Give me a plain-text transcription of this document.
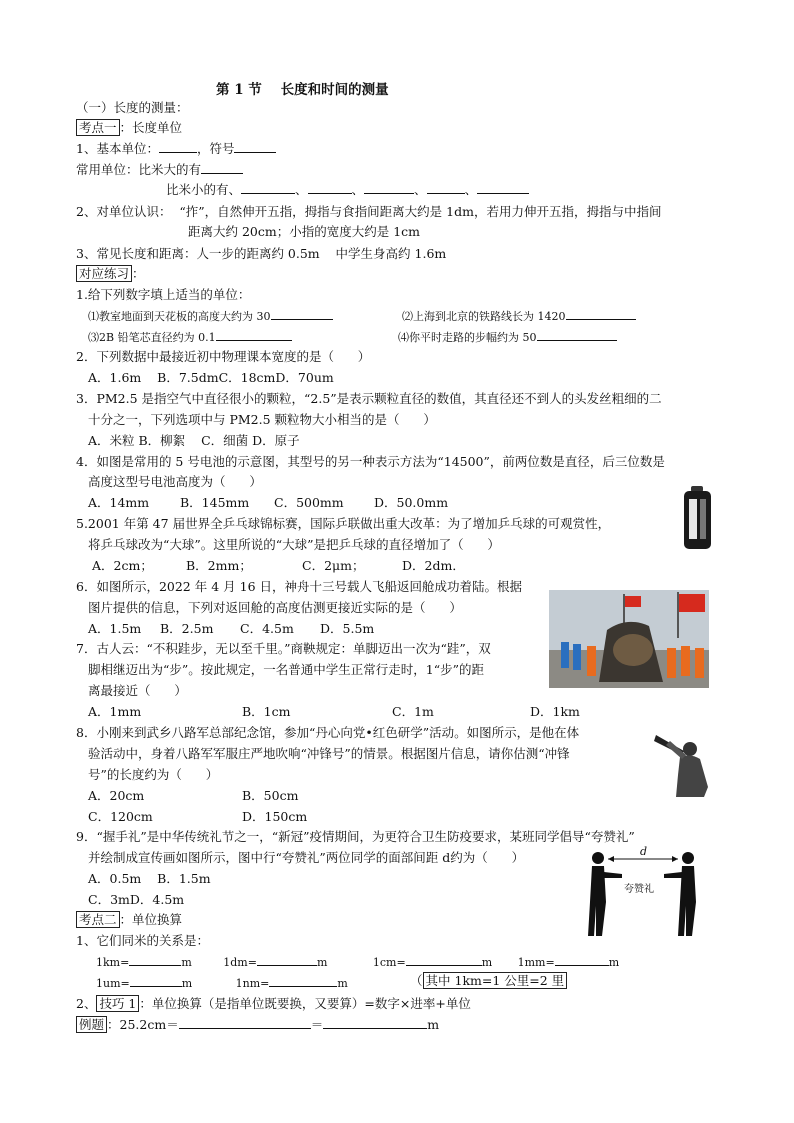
第 1 节    长度和时间的测量
（一）长度的测量：
考点一 ：长度单位
1、基本单位：	，符号
常用单位：比米大的有
比米小的有、	、	、	、	、
2、对单位认识：  “拃”，自然伸开五指，拇指与食指间距离大约是 1dm，若用力伸开五指，拇指与中指间
距离大约 20cm；小指的宽度大约是 1cm
3、常见长度和距离：人一步的距离约 0.5m    中学生身高约 1.6m
对应练习 ：
1.给下列数字填上适当的单位：
⑴教室地面到天花板的高度大约为 30	⑵上海到北京的铁路线长为 1420
⑶2B 铅笔芯直径约为 0.1	⑷你平时走路的步幅约为 50
2．下列数据中最接近初中物理课本宽度的是（      ）
A．1.6m    B．7.5dmC．18cmD．70um
3．PM2.5 是指空气中直径很小的颗粒，“2.5”是表示颗粒直径的数值，其直径还不到人的头发丝粗细的二
十分之一，下列选项中与 PM2.5 颗粒物大小相当的是（      ）
A．米粒 B．柳絮    C．细菌 D．原子
4．如图是常用的 5 号电池的示意图，其型号的另一种表示方法为“14500”，前两位数是直径，后三位数是
高度这型号电池高度为（      ）
A．14mm B．145mm C．500mm D．50.0mm
5.2001 年第 47 届世界全乒乓球锦标赛，国际乒联做出重大改革：为了增加乒乓球的可观赏性，
将乒乓球改为“大球”。这里所说的“大球”是把乒乓球的直径增加了（      ）
A．2cm；	B．2mm；	C．2μm；	D．2dm．
6．如图所示，2022 年 4 月 16 日，神舟十三号载人飞船返回舱成功着陆。根据
图片提供的信息，下列对返回舱的高度估测更接近实际的是（      ）
A．1.5m B．2.5m C．4.5m D．5.5m
7．古人云：“不积跬步，无以至千里。”商鞅规定：单脚迈出一次为“跬”，双
脚相继迈出为“步”。按此规定，一名普通中学生正常行走时，1“步”的距
离最接近（      ）
A．1mm	B．1cm	C．1m	D．1km
8．小刚来到武乡八路军总部纪念馆，参加“丹心向党•红色研学”活动。如图所示，是他在体
验活动中，身着八路军军服庄严地吹响“冲锋号”的情景。根据图片信息，请你估测“冲锋
号”的长度约为（      ）
A．20cm	B．50cm
C．120cm	D．150cm
9．“握手礼”是中华传统礼节之一，“新冠”疫情期间，为更符合卫生防疫要求，某班同学倡导“夸赞礼”
并绘制成宣传画如图所示，图中行“夸赞礼”两位同学的面部间距 d约为（      ）
A．0.5m    B．1.5m
C．3mD．4.5m
d
夸赞礼
考点二 ：单位换算
1、它们同米的关系是：
1km=	m	1dm=	m	1cm=	m 1mm=	m
1um=	m	1nm=	m	（ 其中 1km=1 公里=2 里
2、 技巧 1 ：单位换算（是指单位既要换，又要算）=数字×进率+单位
例题 ：25.2cm＝	＝	m
